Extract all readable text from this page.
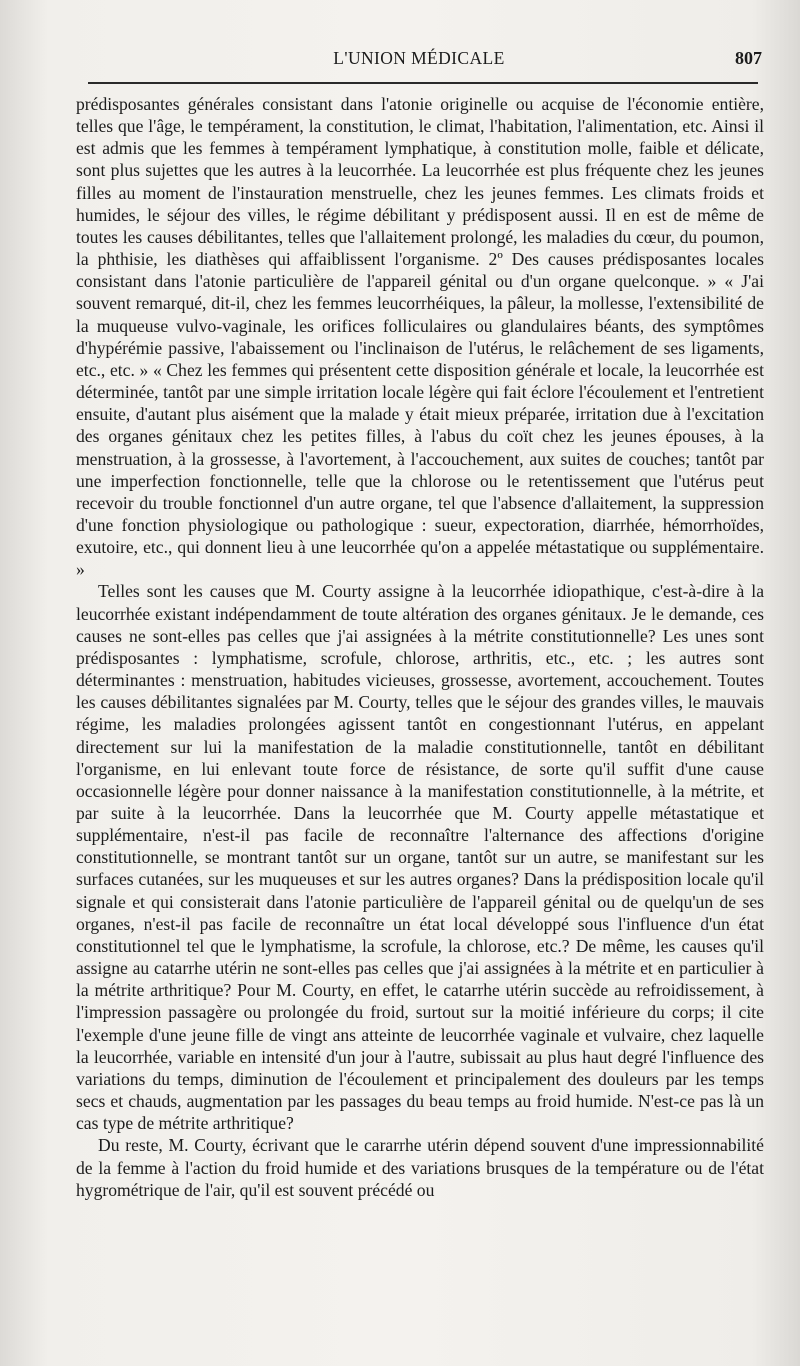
L'UNION MÉDICALE	807

prédisposantes générales consistant dans l'atonie originelle ou acquise de l'économie entière, telles que l'âge, le tempérament, la constitution, le climat, l'habitation, l'alimentation, etc. Ainsi il est admis que les femmes à tempérament lymphatique, à constitution molle, faible et délicate, sont plus sujettes que les autres à la leucorrhée. La leucorrhée est plus fréquente chez les jeunes filles au moment de l'instauration menstruelle, chez les jeunes femmes. Les climats froids et humides, le séjour des villes, le régime débilitant y prédisposent aussi. Il en est de même de toutes les causes débilitantes, telles que l'allaitement prolongé, les maladies du cœur, du poumon, la phthisie, les diathèses qui affaiblissent l'organisme. 2º Des causes prédisposantes locales consistant dans l'atonie particulière de l'appareil génital ou d'un organe quelconque. » « J'ai souvent remarqué, dit-il, chez les femmes leucorrhéiques, la pâleur, la mollesse, l'extensibilité de la muqueuse vulvo-vaginale, les orifices folliculaires ou glandulaires béants, des symptômes d'hypérémie passive, l'abaissement ou l'inclinaison de l'utérus, le relâchement de ses ligaments, etc., etc. » « Chez les femmes qui présentent cette disposition générale et locale, la leucorrhée est déterminée, tantôt par une simple irritation locale légère qui fait éclore l'écoulement et l'entretient ensuite, d'autant plus aisément que la malade y était mieux préparée, irritation due à l'excitation des organes génitaux chez les petites filles, à l'abus du coït chez les jeunes épouses, à la menstruation, à la grossesse, à l'avortement, à l'accouchement, aux suites de couches; tantôt par une imperfection fonctionnelle, telle que la chlorose ou le retentissement que l'utérus peut recevoir du trouble fonctionnel d'un autre organe, tel que l'absence d'allaitement, la suppression d'une fonction physiologique ou pathologique : sueur, expectoration, diarrhée, hémorrhoïdes, exutoire, etc., qui donnent lieu à une leucorrhée qu'on a appelée métastatique ou supplémentaire. »

Telles sont les causes que M. Courty assigne à la leucorrhée idiopathique, c'est-à-dire à la leucorrhée existant indépendamment de toute altération des organes génitaux. Je le demande, ces causes ne sont-elles pas celles que j'ai assignées à la métrite constitutionnelle? Les unes sont prédisposantes : lymphatisme, scrofule, chlorose, arthritis, etc., etc. ; les autres sont déterminantes : menstruation, habitudes vicieuses, grossesse, avortement, accouchement. Toutes les causes débilitantes signalées par M. Courty, telles que le séjour des grandes villes, le mauvais régime, les maladies prolongées agissent tantôt en congestionnant l'utérus, en appelant directement sur lui la manifestation de la maladie constitutionnelle, tantôt en débilitant l'organisme, en lui enlevant toute force de résistance, de sorte qu'il suffit d'une cause occasionnelle légère pour donner naissance à la manifestation constitutionnelle, à la métrite, et par suite à la leucorrhée. Dans la leucorrhée que M. Courty appelle métastatique et supplémentaire, n'est-il pas facile de reconnaître l'alternance des affections d'origine constitutionnelle, se montrant tantôt sur un organe, tantôt sur un autre, se manifestant sur les surfaces cutanées, sur les muqueuses et sur les autres organes? Dans la prédisposition locale qu'il signale et qui consisterait dans l'atonie particulière de l'appareil génital ou de quelqu'un de ses organes, n'est-il pas facile de reconnaître un état local développé sous l'influence d'un état constitutionnel tel que le lymphatisme, la scrofule, la chlorose, etc.? De même, les causes qu'il assigne au catarrhe utérin ne sont-elles pas celles que j'ai assignées à la métrite et en particulier à la métrite arthritique? Pour M. Courty, en effet, le catarrhe utérin succède au refroidissement, à l'impression passagère ou prolongée du froid, surtout sur la moitié inférieure du corps; il cite l'exemple d'une jeune fille de vingt ans atteinte de leucorrhée vaginale et vulvaire, chez laquelle la leucorrhée, variable en intensité d'un jour à l'autre, subissait au plus haut degré l'influence des variations du temps, diminution de l'écoulement et principalement des douleurs par les temps secs et chauds, augmentation par les passages du beau temps au froid humide. N'est-ce pas là un cas type de métrite arthritique?

Du reste, M. Courty, écrivant que le cararrhe utérin dépend souvent d'une impressionnabilité de la femme à l'action du froid humide et des variations brusques de la température ou de l'état hygrométrique de l'air, qu'il est souvent précédé ou
